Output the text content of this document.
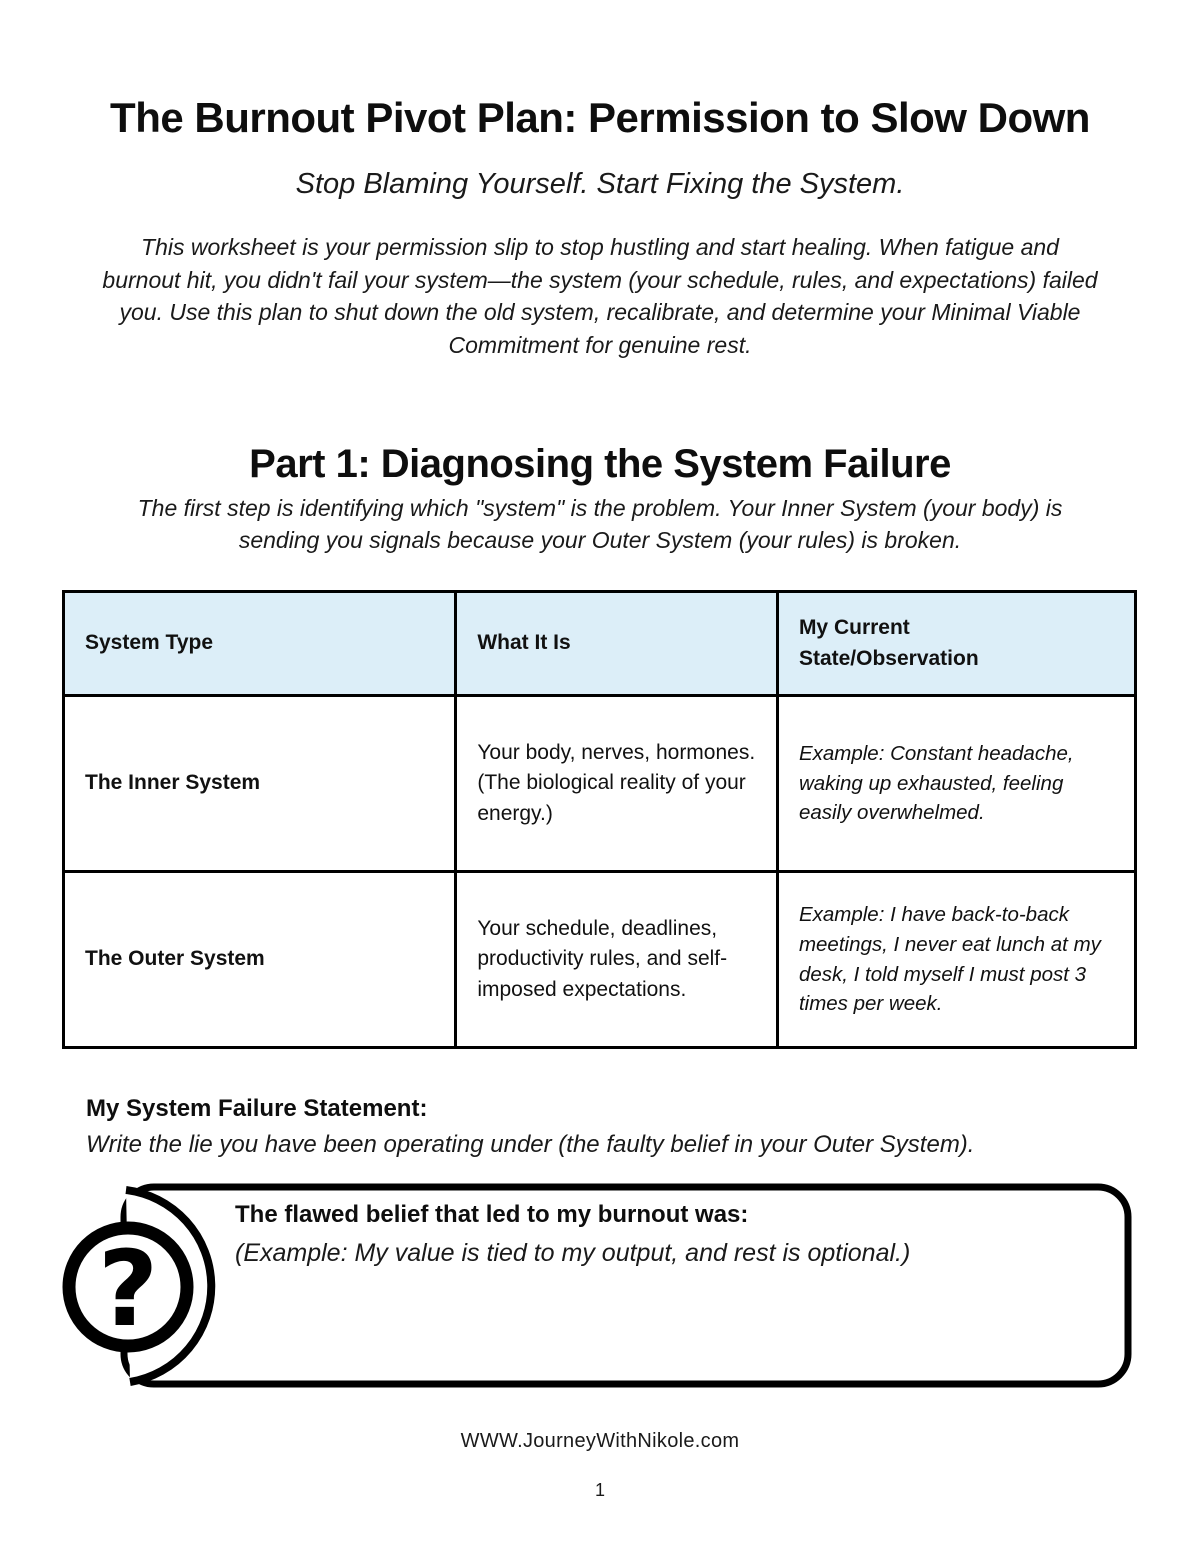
The Burnout Pivot Plan: Permission to Slow Down
Stop Blaming Yourself. Start Fixing the System.

This worksheet is your permission slip to stop hustling and start healing. When fatigue and burnout hit, you didn't fail your system—the system (your schedule, rules, and expectations) failed you. Use this plan to shut down the old system, recalibrate, and determine your Minimal Viable Commitment for genuine rest.

Part 1: Diagnosing the System Failure

The first step is identifying which "system" is the problem. Your Inner System (your body) is sending you signals because your Outer System (your rules) is broken.

System Type	What It Is	My Current State/Observation

The Inner System	Your body, nerves, hormones. (The biological reality of your energy.)	Example: Constant headache, waking up exhausted, feeling easily overwhelmed.
The Outer System	Your schedule, deadlines, productivity rules, and self-imposed expectations.	Example: I have back-to-back meetings, I never eat lunch at my desk, I told myself I must post 3 times per week.
My System Failure Statement:
Write the lie you have been operating under (the faulty belief in your Outer System).
?
The flawed belief that led to my burnout was:
(Example: My value is tied to my output, and rest is optional.)
WWW.JourneyWithNikole.com
1
